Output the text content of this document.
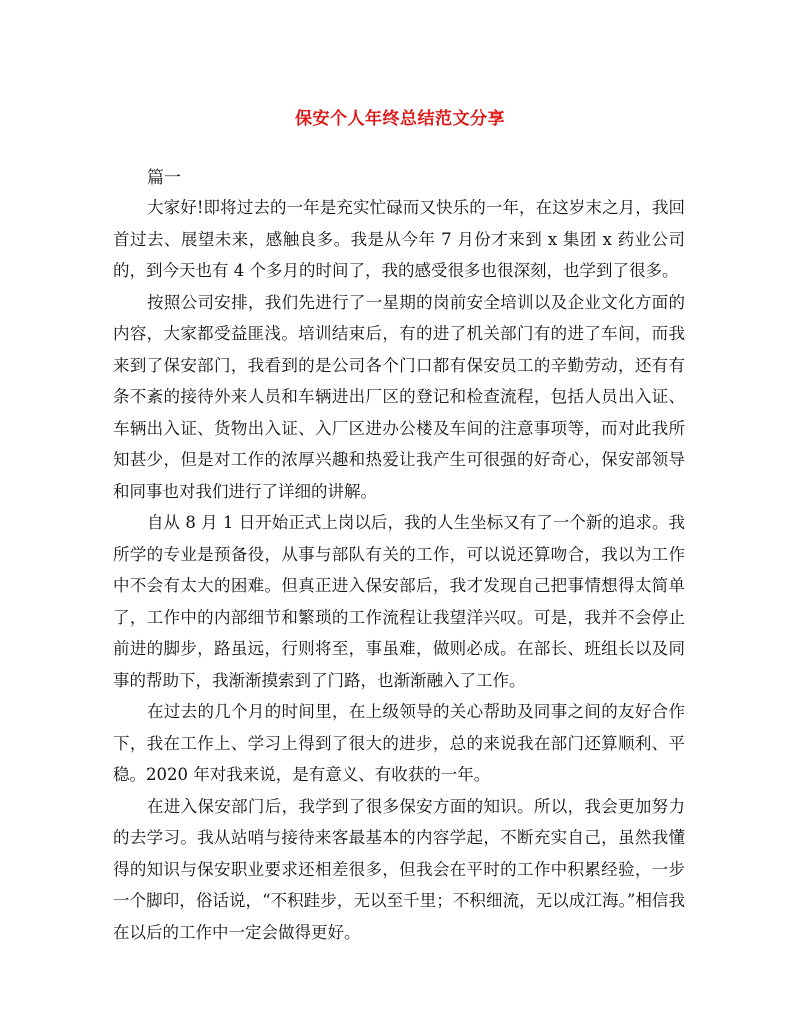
保安个人年终总结范文分享

篇一

大家好!即将过去的一年是充实忙碌而又快乐的一年，在这岁末之月，我回首过去、展望未来，感触良多。我是从今年 7 月份才来到 x 集团 x 药业公司的，到今天也有 4 个多月的时间了，我的感受很多也很深刻，也学到了很多。

按照公司安排，我们先进行了一星期的岗前安全培训以及企业文化方面的内容，大家都受益匪浅。培训结束后，有的进了机关部门有的进了车间，而我来到了保安部门，我看到的是公司各个门口都有保安员工的辛勤劳动，还有有条不紊的接待外来人员和车辆进出厂区的登记和检查流程，包括人员出入证、车辆出入证、货物出入证、入厂区进办公楼及车间的注意事项等，而对此我所知甚少，但是对工作的浓厚兴趣和热爱让我产生可很强的好奇心，保安部领导和同事也对我们进行了详细的讲解。

自从 8 月 1 日开始正式上岗以后，我的人生坐标又有了一个新的追求。我所学的专业是预备役，从事与部队有关的工作，可以说还算吻合，我以为工作中不会有太大的困难。但真正进入保安部后，我才发现自己把事情想得太简单了，工作中的内部细节和繁琐的工作流程让我望洋兴叹。可是，我并不会停止前进的脚步，路虽远，行则将至，事虽难，做则必成。在部长、班组长以及同事的帮助下，我渐渐摸索到了门路，也渐渐融入了工作。

在过去的几个月的时间里，在上级领导的关心帮助及同事之间的友好合作下，我在工作上、学习上得到了很大的进步，总的来说我在部门还算顺利、平稳。2020 年对我来说，是有意义、有收获的一年。

在进入保安部门后，我学到了很多保安方面的知识。所以，我会更加努力的去学习。我从站哨与接待来客最基本的内容学起，不断充实自己，虽然我懂得的知识与保安职业要求还相差很多，但我会在平时的工作中积累经验，一步一个脚印，俗话说，“不积跬步，无以至千里；不积细流，无以成江海。”相信我在以后的工作中一定会做得更好。
